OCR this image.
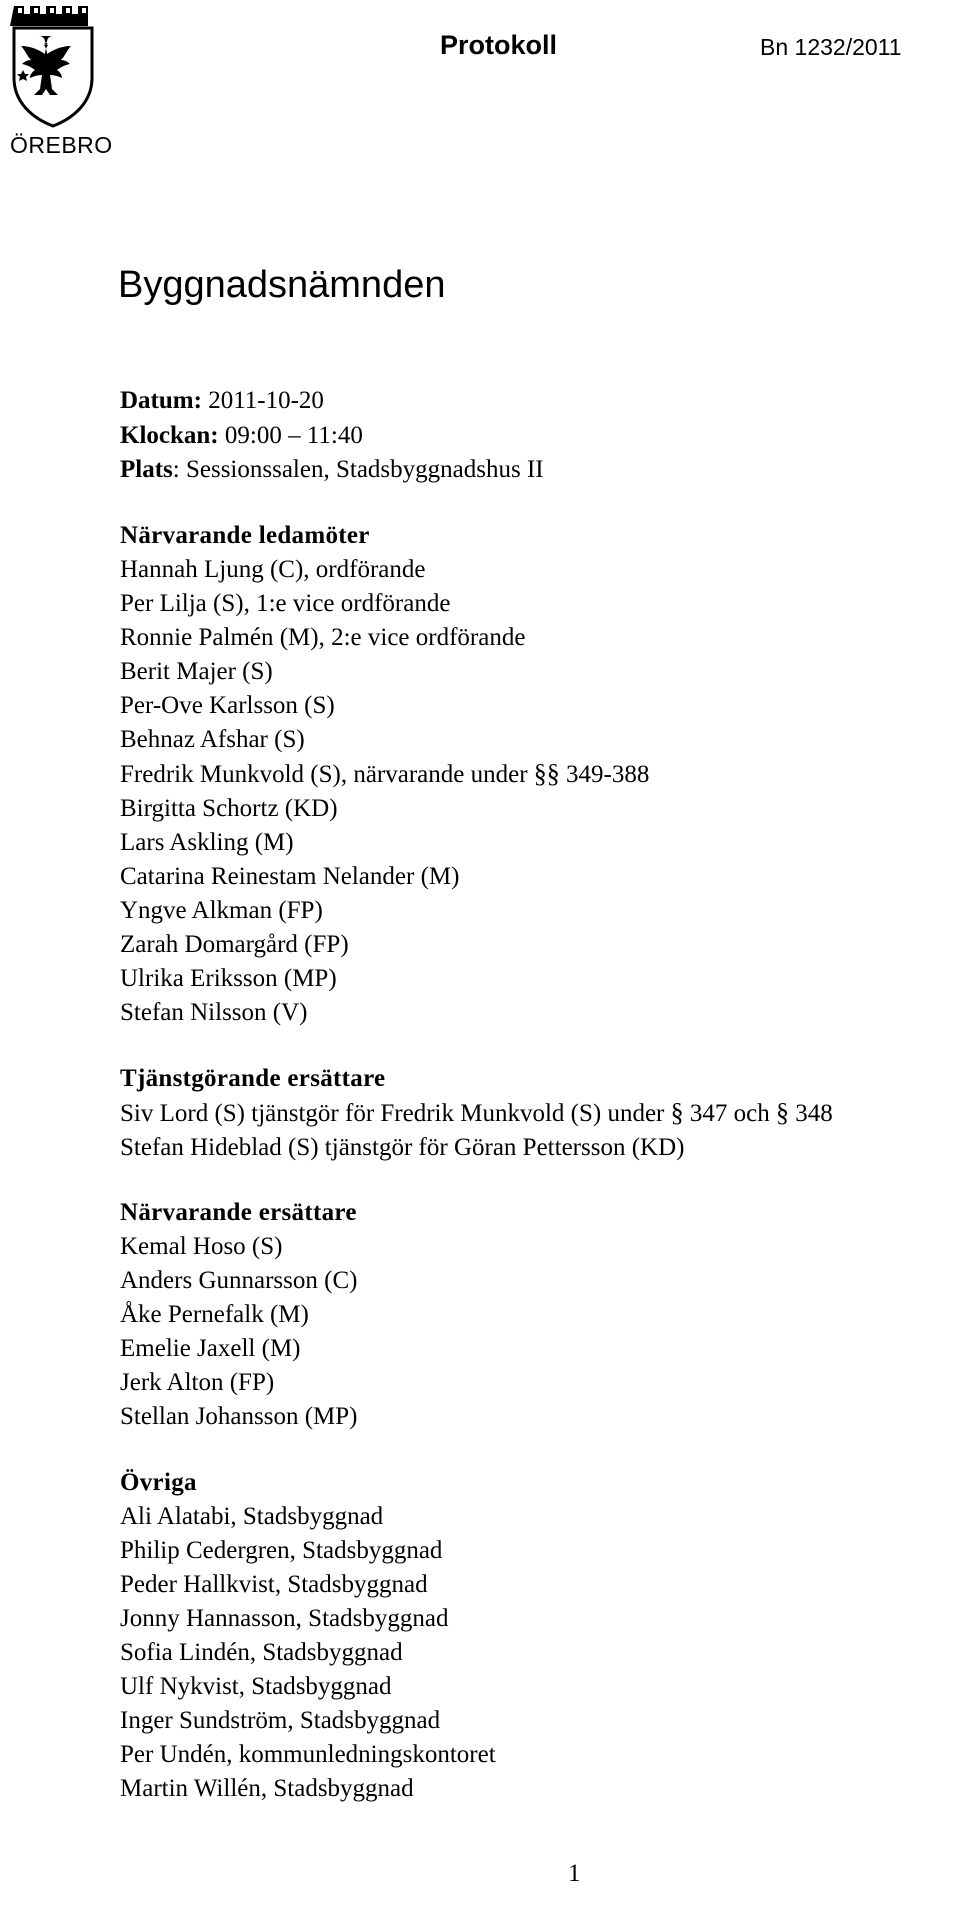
ÖREBRO
Protokoll	Bn 1232/2011
Byggnadsnämnden
Datum: 2011-10-20
Klockan: 09:00 – 11:40
Plats: Sessionssalen, Stadsbyggnadshus II
Närvarande ledamöter
Hannah Ljung (C), ordförande
Per Lilja (S), 1:e vice ordförande
Ronnie Palmén (M), 2:e vice ordförande
Berit Majer (S)
Per-Ove Karlsson (S)
Behnaz Afshar (S)
Fredrik Munkvold (S), närvarande under §§ 349-388
Birgitta Schortz (KD)
Lars Askling (M)
Catarina Reinestam Nelander (M)
Yngve Alkman (FP)
Zarah Domargård (FP)
Ulrika Eriksson (MP)
Stefan Nilsson (V)
Tjänstgörande ersättare
Siv Lord (S) tjänstgör för Fredrik Munkvold (S) under § 347 och § 348
Stefan Hideblad (S) tjänstgör för Göran Pettersson (KD)
Närvarande ersättare
Kemal Hoso (S)
Anders Gunnarsson (C)
Åke Pernefalk (M)
Emelie Jaxell (M)
Jerk Alton (FP)
Stellan Johansson (MP)
Övriga
Ali Alatabi, Stadsbyggnad
Philip Cedergren, Stadsbyggnad
Peder Hallkvist, Stadsbyggnad
Jonny Hannasson, Stadsbyggnad
Sofia Lindén, Stadsbyggnad
Ulf Nykvist, Stadsbyggnad
Inger Sundström, Stadsbyggnad
Per Undén, kommunledningskontoret
Martin Willén, Stadsbyggnad
1
